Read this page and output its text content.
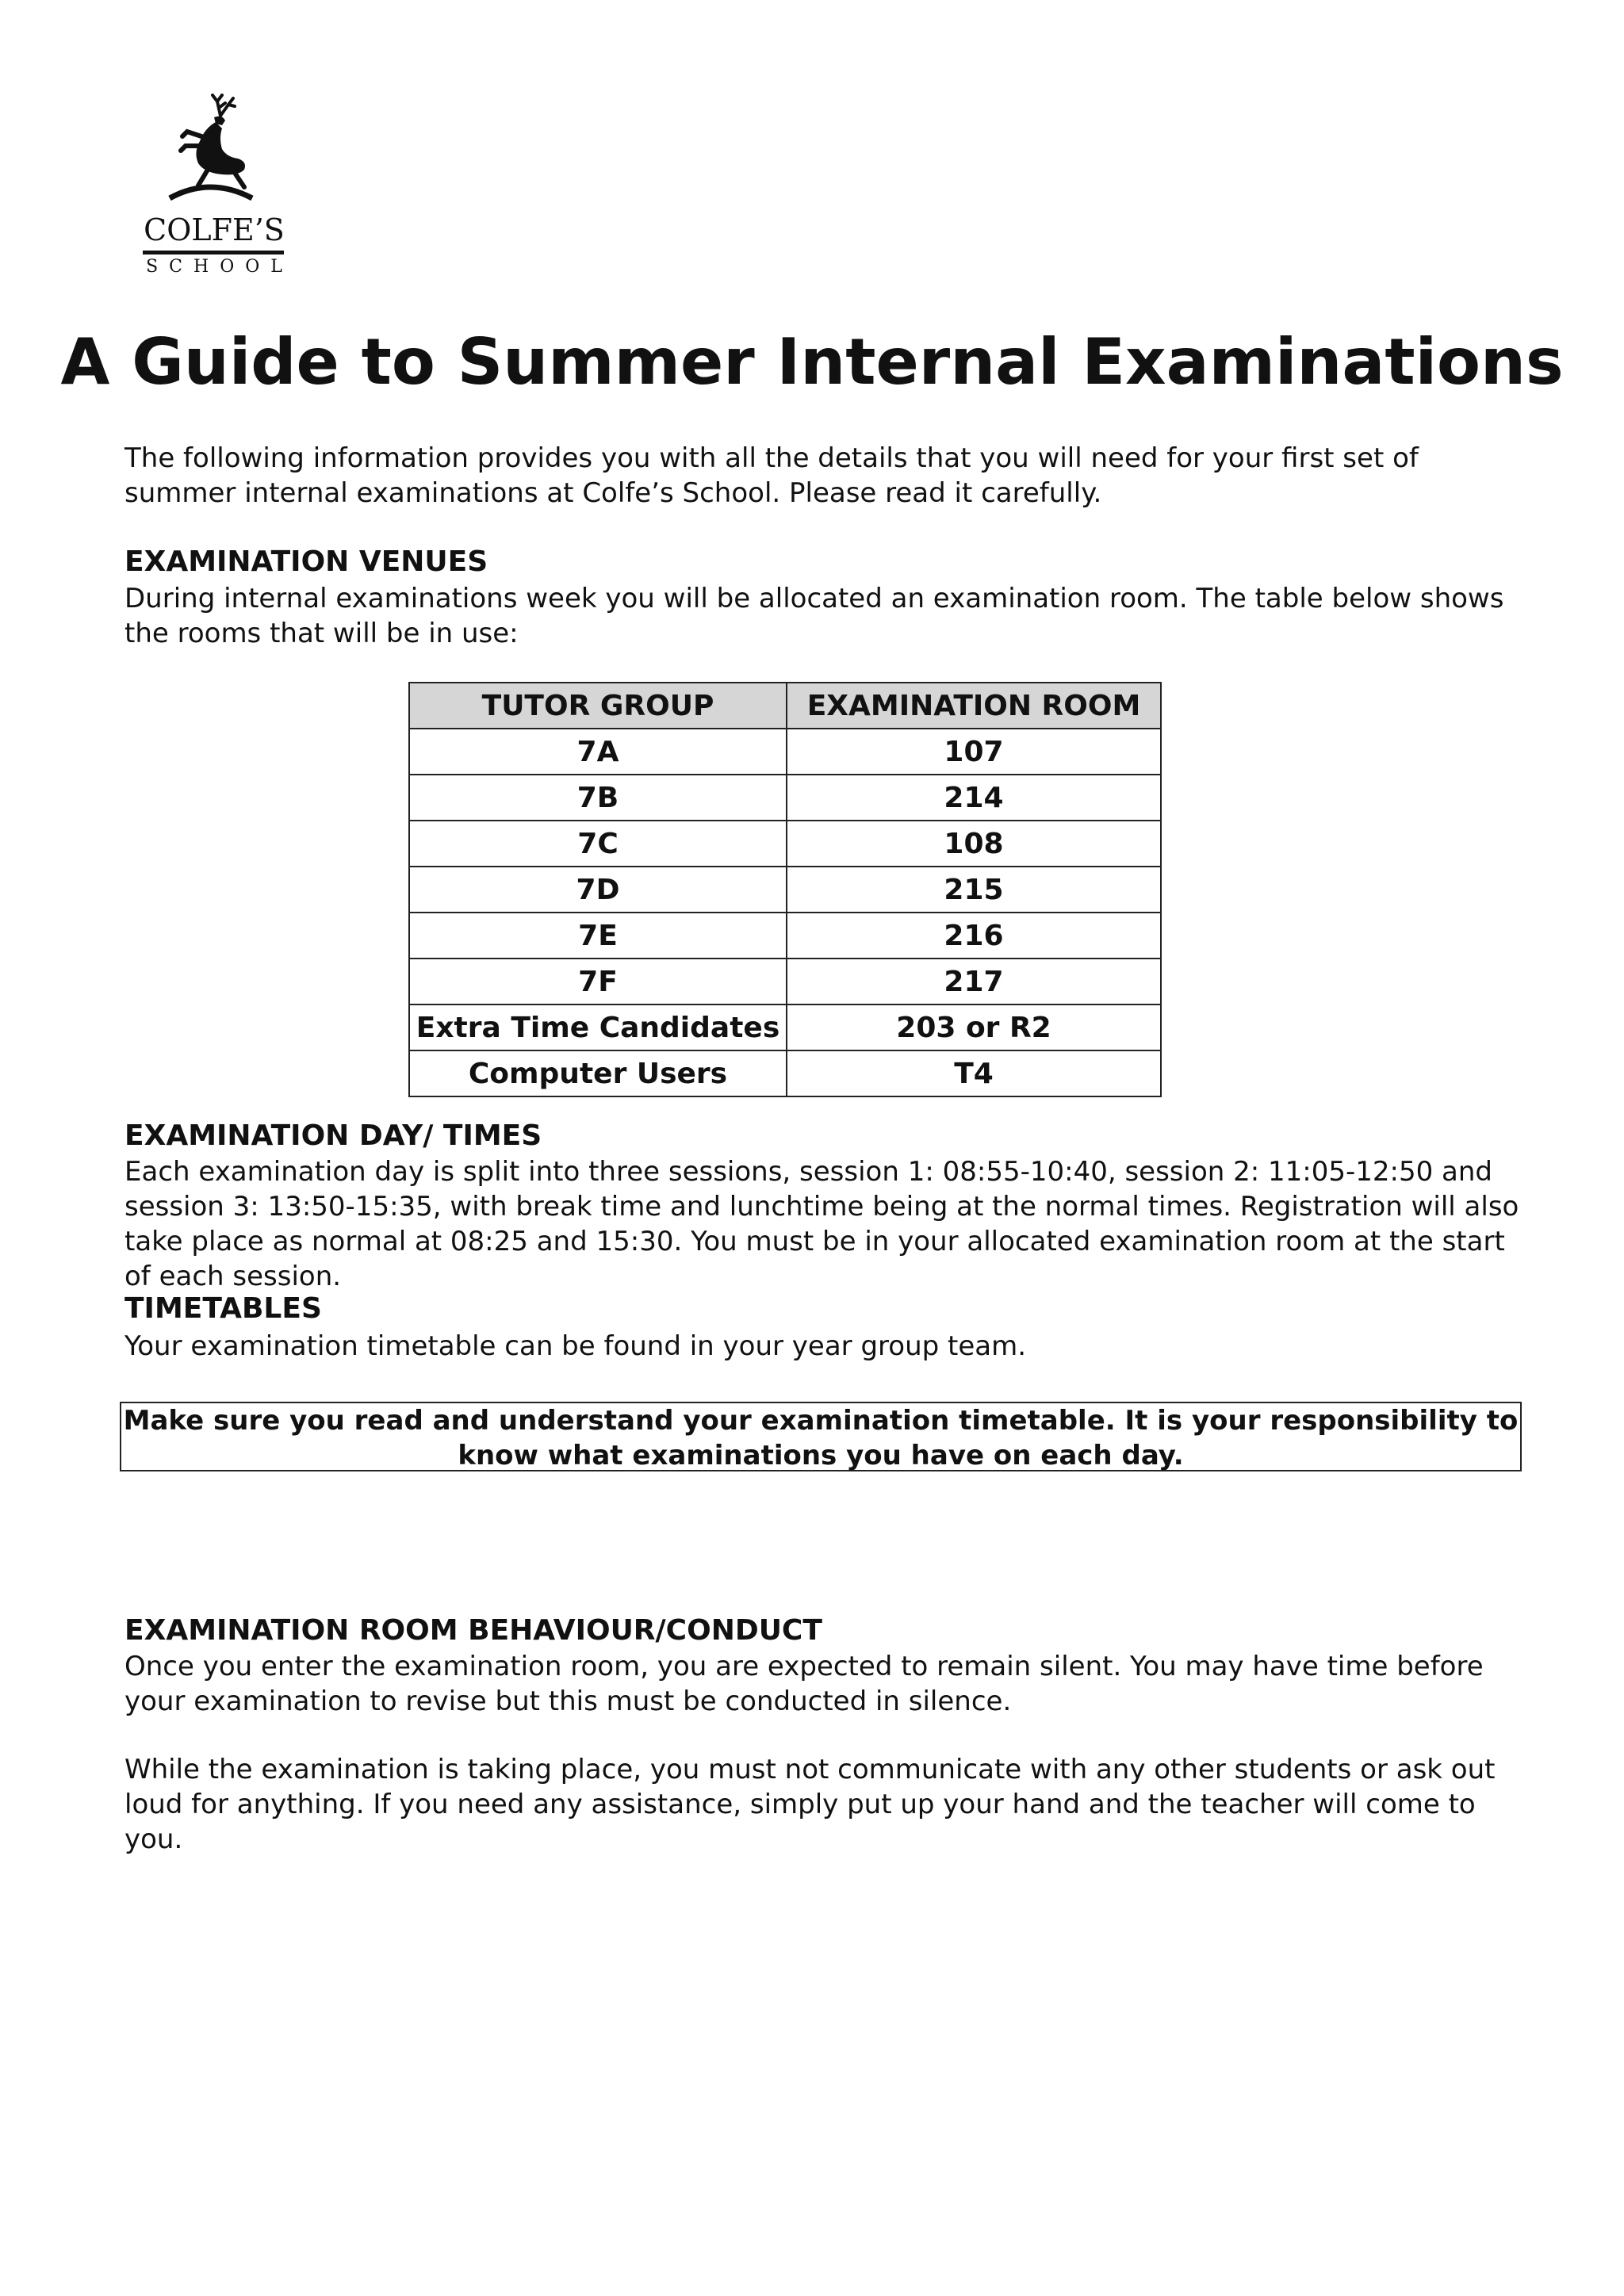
COLFE’S
SCHOOL
A Guide to Summer Internal Examinations
The following information provides you with all the details that you will need for your first set of summer internal examinations at Colfe’s School. Please read it carefully.
EXAMINATION VENUES
During internal examinations week you will be allocated an examination room. The table below shows the rooms that will be in use:
TUTOR GROUP	EXAMINATION ROOM
7A	107
7B	214
7C	108
7D	215
7E	216
7F	217
Extra Time Candidates	203 or R2
Computer Users	T4
EXAMINATION DAY/ TIMES
Each examination day is split into three sessions, session 1: 08:55-10:40, session 2: 11:05-12:50 and session 3: 13:50-15:35, with break time and lunchtime being at the normal times. Registration will also take place as normal at 08:25 and 15:30. You must be in your allocated examination room at the start of each session.
TIMETABLES
Your examination timetable can be found in your year group team.
Make sure you read and understand your examination timetable. It is your responsibility to know what examinations you have on each day.
EXAMINATION ROOM BEHAVIOUR/CONDUCT
Once you enter the examination room, you are expected to remain silent. You may have time before your examination to revise but this must be conducted in silence.
While the examination is taking place, you must not communicate with any other students or ask out loud for anything. If you need any assistance, simply put up your hand and the teacher will come to you.
